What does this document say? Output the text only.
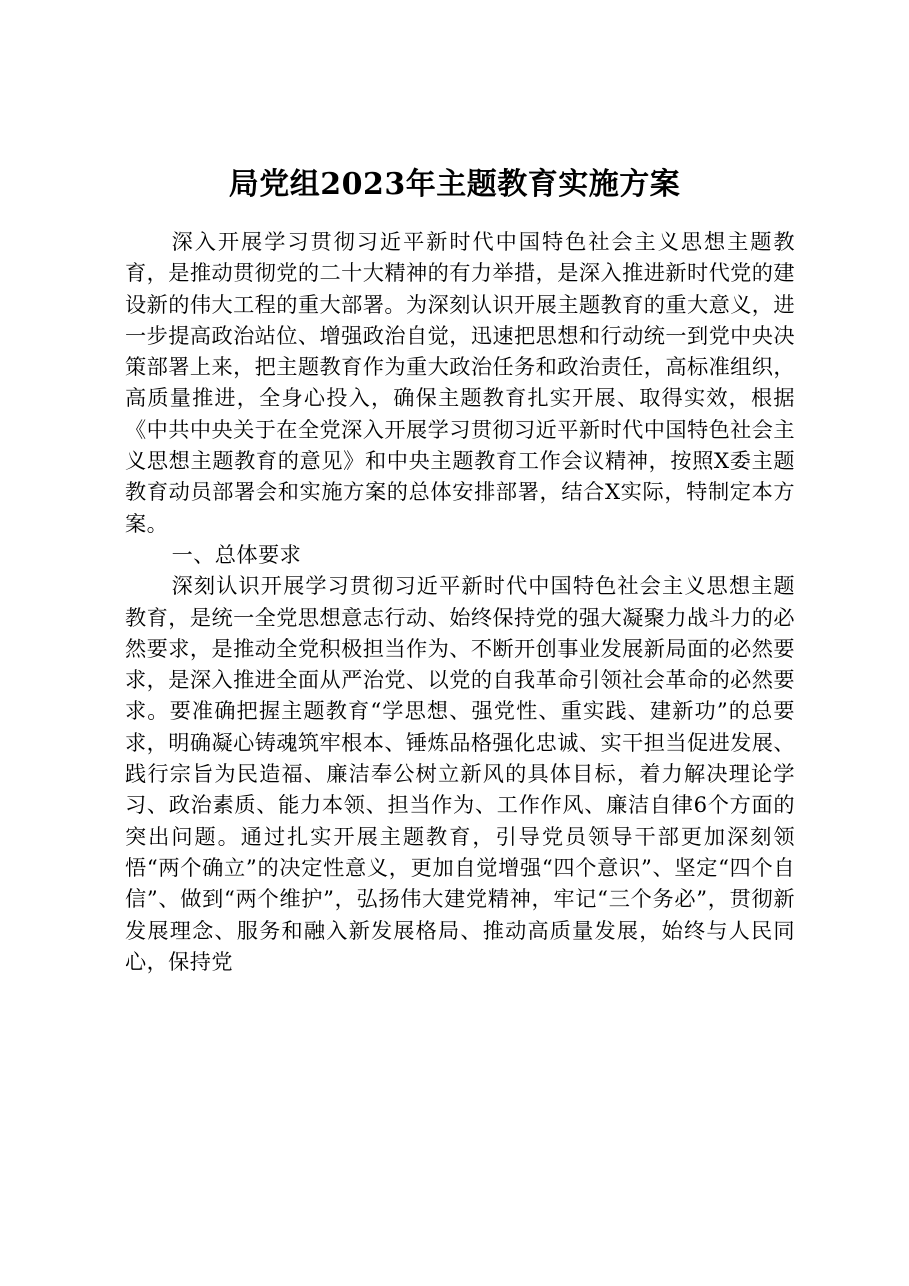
局党组2023年主题教育实施方案

深入开展学习贯彻习近平新时代中国特色社会主义思想主题教育，是推动贯彻党的二十大精神的有力举措，是深入推进新时代党的建设新的伟大工程的重大部署。为深刻认识开展主题教育的重大意义，进一步提高政治站位、增强政治自觉，迅速把思想和行动统一到党中央决策部署上来，把主题教育作为重大政治任务和政治责任，高标准组织，高质量推进，全身心投入，确保主题教育扎实开展、取得实效，根据《中共中央关于在全党深入开展学习贯彻习近平新时代中国特色社会主义思想主题教育的意见》和中央主题教育工作会议精神，按照X委主题教育动员部署会和实施方案的总体安排部署，结合X实际，特制定本方案。

一、总体要求

深刻认识开展学习贯彻习近平新时代中国特色社会主义思想主题教育，是统一全党思想意志行动、始终保持党的强大凝聚力战斗力的必然要求，是推动全党积极担当作为、不断开创事业发展新局面的必然要求，是深入推进全面从严治党、以党的自我革命引领社会革命的必然要求。要准确把握主题教育“学思想、强党性、重实践、建新功”的总要求，明确凝心铸魂筑牢根本、锤炼品格强化忠诚、实干担当促进发展、践行宗旨为民造福、廉洁奉公树立新风的具体目标，着力解决理论学习、政治素质、能力本领、担当作为、工作作风、廉洁自律6个方面的突出问题。通过扎实开展主题教育，引导党员领导干部更加深刻领悟“两个确立”的决定性意义，更加自觉增强“四个意识”、坚定“四个自信”、做到“两个维护”，弘扬伟大建党精神，牢记“三个务必”，贯彻新发展理念、服务和融入新发展格局、推动高质量发展，始终与人民同心，保持党
